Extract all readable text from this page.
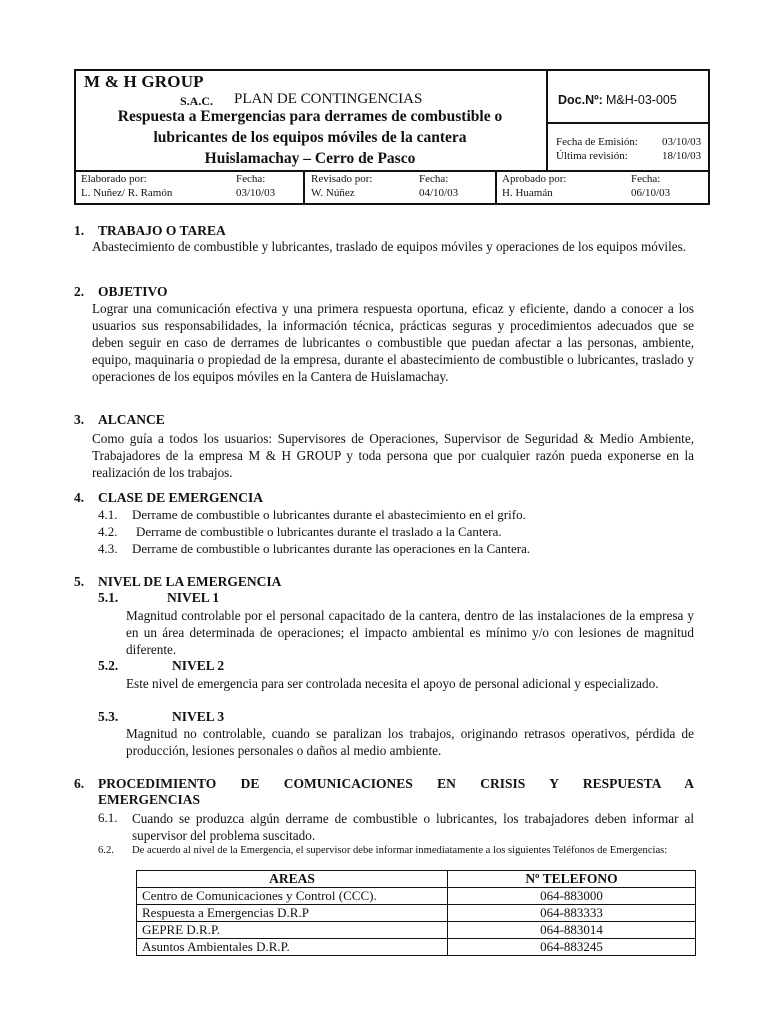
M & H GROUP
S.A.C. PLAN DE CONTINGENCIAS
Respuesta a Emergencias para derrames de combustible o
lubricantes de los equipos móviles de la cantera
Huislamachay – Cerro de Pasco
Doc.Nº: M&H-03-005
Fecha de Emisión: 03/10/03
Última revisión:	18/10/03
Elaborado por:
L. Nuñez/ R. Ramón
Fecha:
03/10/03
Revisado por:
W. Núñez
Fecha:
04/10/03
Aprobado por:
H. Huamán
Fecha:
06/10/03
1. TRABAJO O TAREA
Abastecimiento de combustible y lubricantes, traslado de equipos móviles y operaciones de los equipos móviles.
2. OBJETIVO
Lograr una comunicación efectiva y una primera respuesta oportuna, eficaz y eficiente, dando a conocer a los usuarios sus responsabilidades, la información técnica, prácticas seguras y procedimientos adecuados que se deben seguir en caso de derrames de lubricantes o combustible que puedan afectar a las personas, ambiente, equipo, maquinaria o propiedad de la empresa, durante el abastecimiento de combustible o lubricantes, traslado y operaciones de los equipos móviles en la Cantera de Huislamachay.
3. ALCANCE
Como guía a todos los usuarios: Supervisores de Operaciones, Supervisor de Seguridad & Medio Ambiente, Trabajadores de la empresa M & H GROUP y toda persona que por cualquier razón pueda exponerse en la realización de los trabajos.
4. CLASE DE EMERGENCIA
4.1. Derrame de combustible o lubricantes durante el abastecimiento en el grifo.
4.2. Derrame de combustible o lubricantes durante el traslado a la Cantera.
4.3. Derrame de combustible o lubricantes durante las operaciones en la Cantera.
5. NIVEL DE LA EMERGENCIA
5.1.	NIVEL 1
Magnitud controlable por el personal capacitado de la cantera, dentro de las instalaciones de la empresa y en un área determinada de operaciones; el impacto ambiental es mínimo y/o con lesiones de magnitud diferente.
5.2.	NIVEL 2
Este nivel de emergencia para ser controlada necesita el apoyo de personal adicional y especializado.
5.3.	NIVEL 3
Magnitud no controlable, cuando se paralizan los trabajos, originando retrasos operativos, pérdida de producción, lesiones personales o daños al medio ambiente.
6. PROCEDIMIENTO DE COMUNICACIONES EN CRISIS Y RESPUESTA A
EMERGENCIAS
6.1. Cuando se produzca algún derrame de combustible o lubricantes, los trabajadores deben informar al supervisor del problema suscitado.
6.2. De acuerdo al nivel de la Emergencia, el supervisor debe informar inmediatamente a los siguientes Teléfonos de Emergencias:
AREAS	Nº TELEFONO
Centro de Comunicaciones y Control (CCC).	064-883000
Respuesta a Emergencias D.R.P	064-883333
GEPRE D.R.P.	064-883014
Asuntos Ambientales D.R.P.	064-883245
